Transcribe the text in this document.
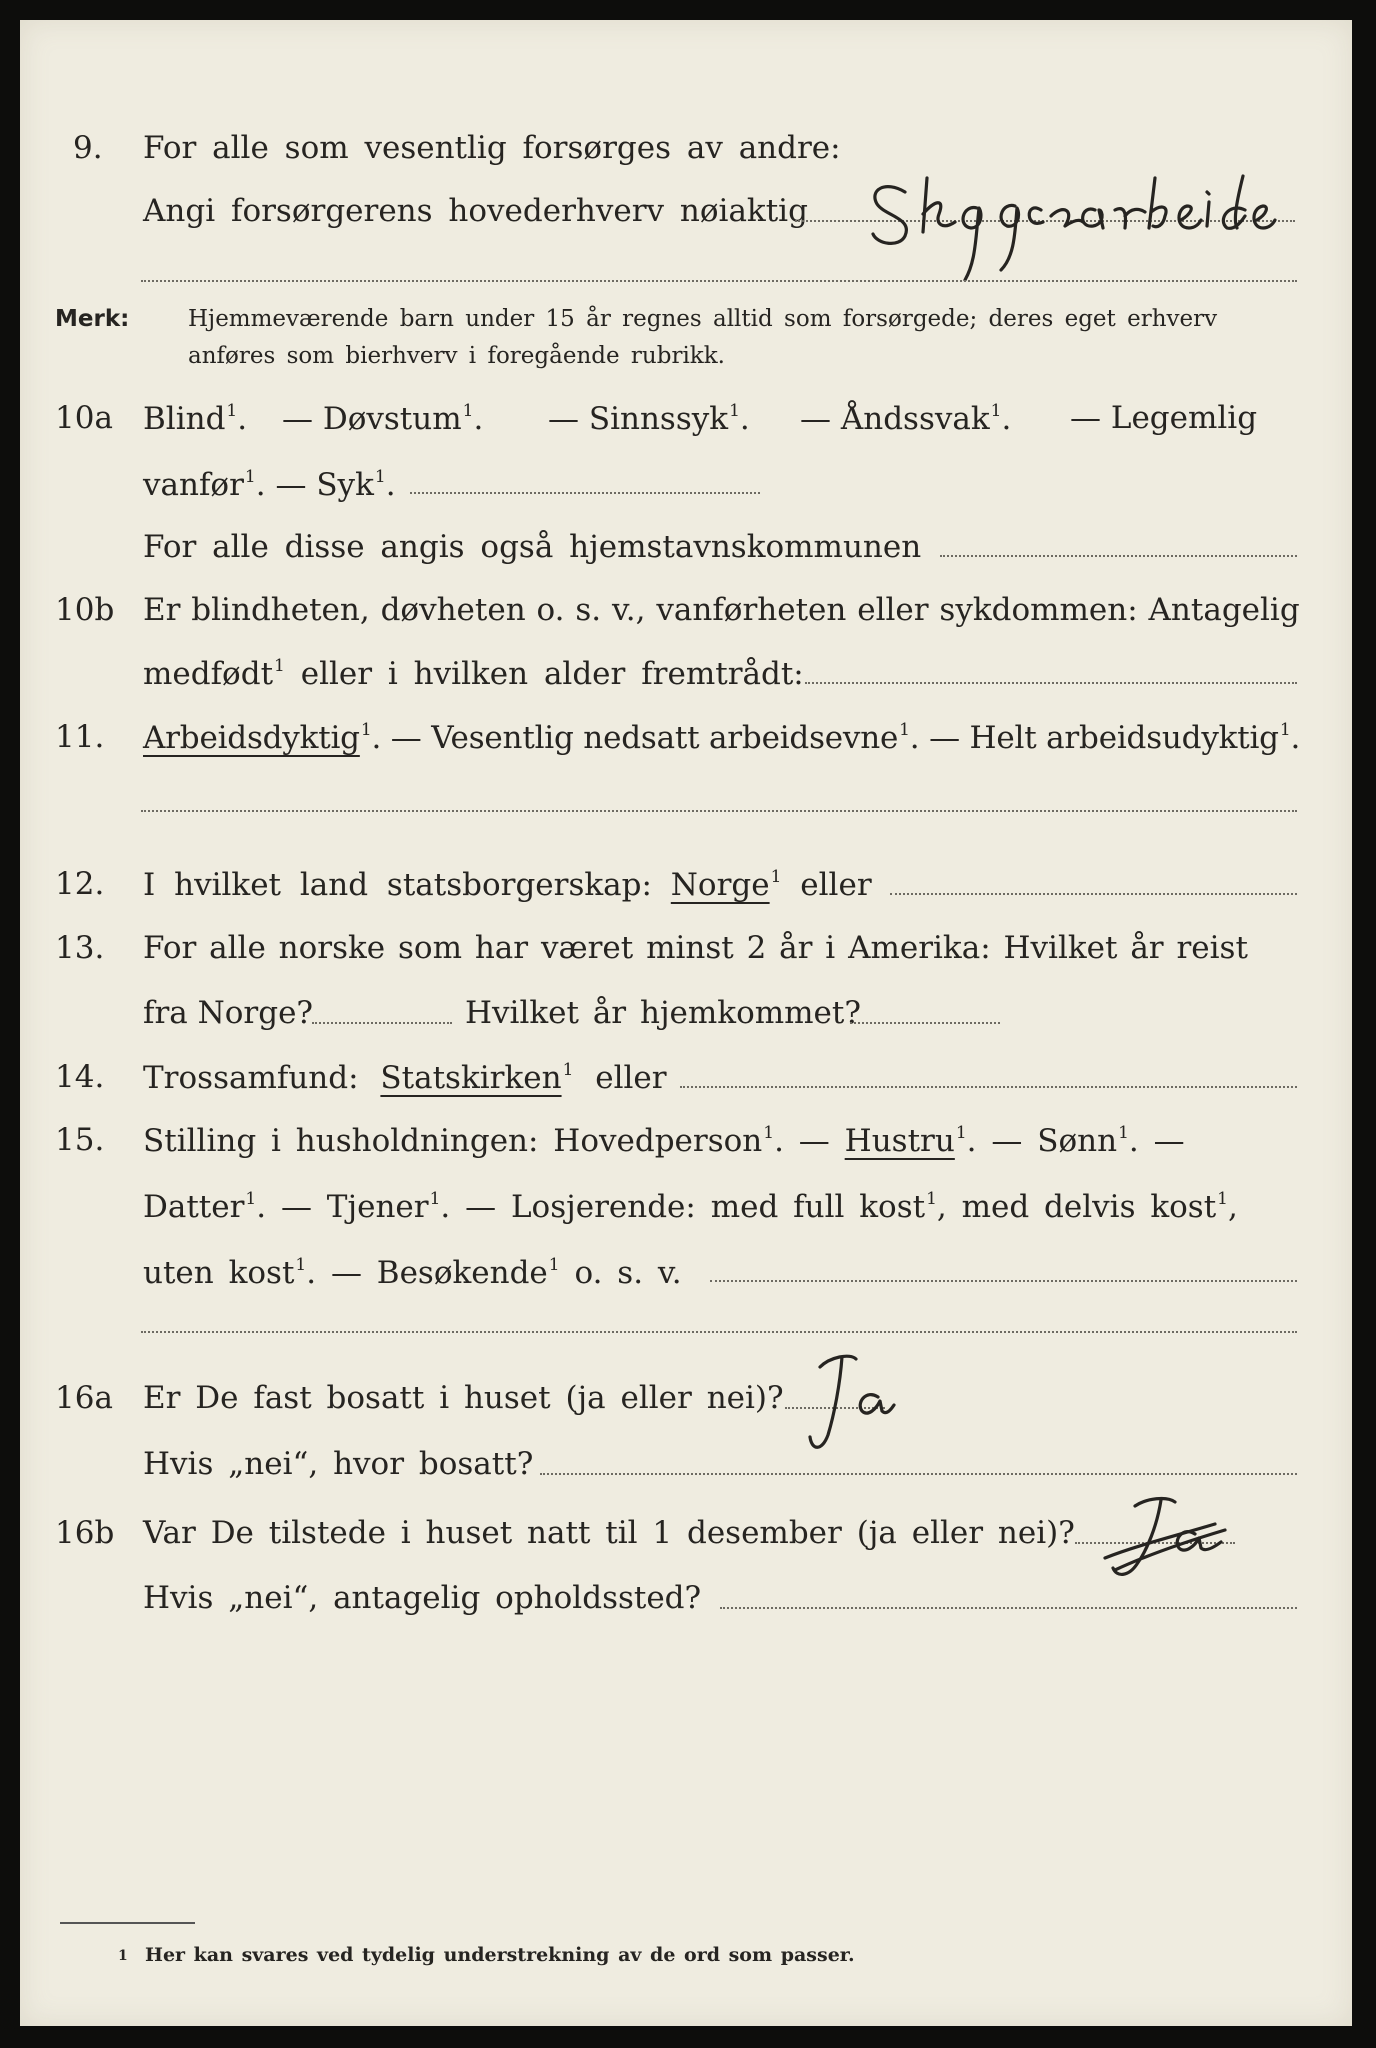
9. For alle som vesentlig forsørges av andre:
Angi forsørgerens hovederhverv nøiaktig
Merk:	Hjemmeværende barn under 15 år regnes alltid som forsørgede; deres eget erhverv
anføres som bierhverv i foregående rubrikk.
10a Blind$^1$. — Døvstum$^1$. — Sinnssyk$^1$. — Åndssvak$^1$. — Legemlig
vanfør$^1$. — Syk$^1$.
For alle disse angis også hjemstavnskommunen
10b Er blindheten, døvheten o. s. v., vanførheten eller sykdommen: Antagelig
medfødt$^1$ eller i hvilken alder fremtrådt:
11. Arbeidsdyktig$^1$. — Vesentlig nedsatt arbeidsevne$^1$. — Helt arbeidsudyktig$^1$.
12. I hvilket land statsborgerskap: Norge$^1$ eller
13. For alle norske som har været minst 2 år i Amerika: Hvilket år reist
fra Norge?	Hvilket år hjemkommet?
14. Trossamfund: Statskirken$^1$ eller
15. Stilling i husholdningen: Hovedperson$^1$. — Hustru$^1$. — Sønn$^1$. —
Datter$^1$. — Tjener$^1$. — Losjerende: med full kost$^1$, med delvis kost$^1$,
uten kost$^1$. — Besøkende$^1$ o. s. v.
16a Er De fast bosatt i huset (ja eller nei)?
Hvis „nei“, hvor bosatt?
16b Var De tilstede i huset natt til 1 desember (ja eller nei)?
Hvis „nei“, antagelig opholdssted?
1 Her kan svares ved tydelig understrekning av de ord som passer.
